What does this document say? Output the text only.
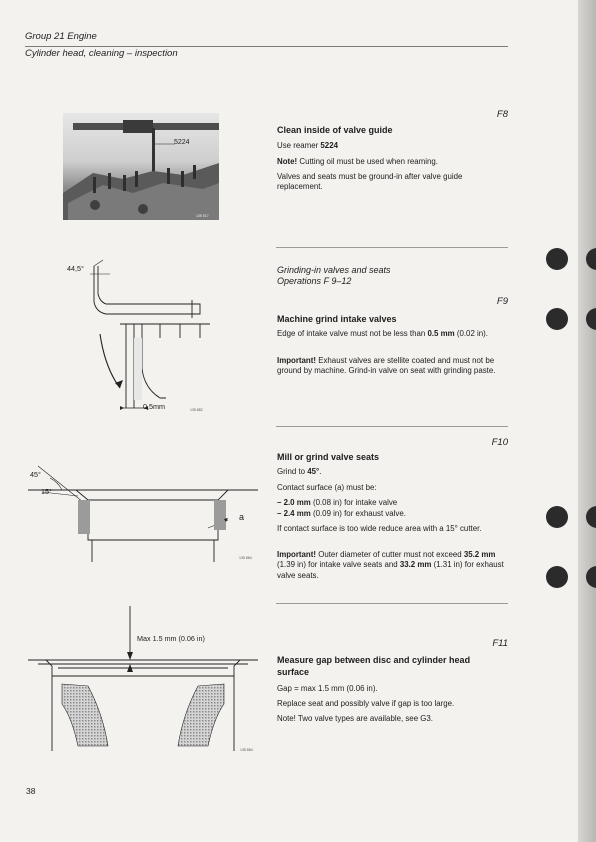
Group 21 Engine
Cylinder head, cleaning – inspection
F8
Clean inside of valve guide
Use reamer 5224
Note! Cutting oil must be used when reaming.
Valves and seats must be ground-in after valve guide replacement.
5224
135 817
Grinding-in valves and seats
Operations F 9–12
F9
Machine grind intake valves
Edge of intake valve must not be less than 0.5 mm (0.02 in).
Important! Exhaust valves are stellite coated and must not be ground by machine. Grind-in valve on seat with grinding paste.
44,5°
0,5mm	135 882
F10
Mill or grind valve seats
Grind to 45°.
Contact surface (a) must be:
– 2.0 mm (0.08 in) for intake valve
– 2.4 mm (0.09 in) for exhaust valve.
If contact surface is too wide reduce area with a 15° cutter.
Important! Outer diameter of cutter must not exceed 35.2 mm (1.39 in) for intake valve seats and 33.2 mm (1.31 in) for exhaust valve seats.
45°
15°
a
135 884
F11
Measure gap between disc and cylinder head surface
Gap = max 1.5 mm (0.06 in).
Replace seat and possibly valve if gap is too large.
Note! Two valve types are available, see G3.
Max 1.5 mm (0.06 in)
135 884
38
